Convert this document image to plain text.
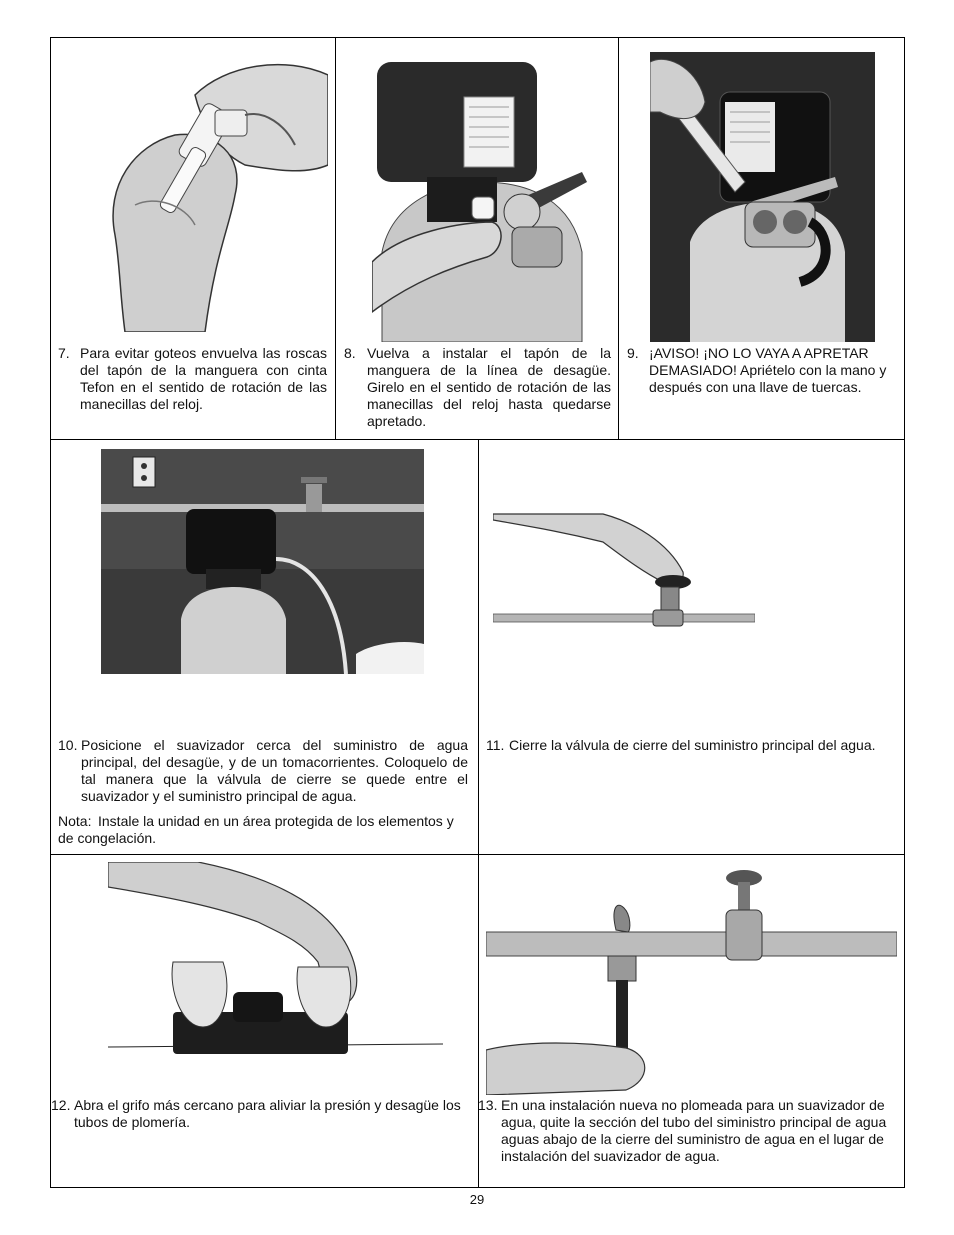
7. Para evitar goteos envuelva las roscas del tapón de la manguera con cinta Tefon en el sentido de rotación de las manecillas del reloj.
8. Vuelva a instalar el tapón de la manguera de la línea de desagüe. Girelo en el sentido de rotación de las manecillas del reloj hasta quedarse apretado.
9. ¡AVISO! ¡NO LO VAYA A APRETAR DEMASIADO! Apriételo con la mano y después con una llave de tuercas.
10. Posicione el suavizador cerca del suministro de agua principal, del desagüe, y de un tomacorrientes. Coloquelo de tal manera que la válvula de cierre se quede entre el suavizador y el suministro principal de agua.
Nota: Instale la unidad en un área protegida de los elementos y de congelación.
11. Cierre la válvula de cierre del suministro principal del agua.
12. Abra el grifo más cercano para aliviar la presión y desagüe los tubos de plomería.
13. En una instalación nueva no plomeada para un suavizador de agua, quite la sección del tubo del siministro principal de agua aguas abajo de la cierre del suministro de agua en el lugar de instalación del suavizador de agua.
29
